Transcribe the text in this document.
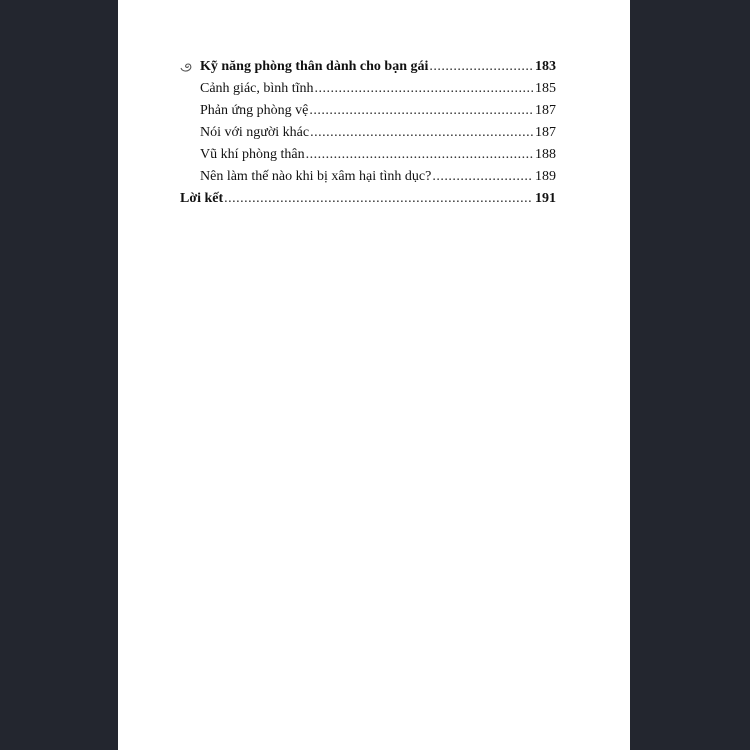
Kỹ năng phòng thân dành cho bạn gái .....	183
Cảnh giác, bình tĩnh .....	185
Phản ứng phòng vệ .....	187
Nói với người khác .....	187
Vũ khí phòng thân .....	188
Nên làm thế nào khi bị xâm hại tình dục? .....	189
Lời kết .....	191
